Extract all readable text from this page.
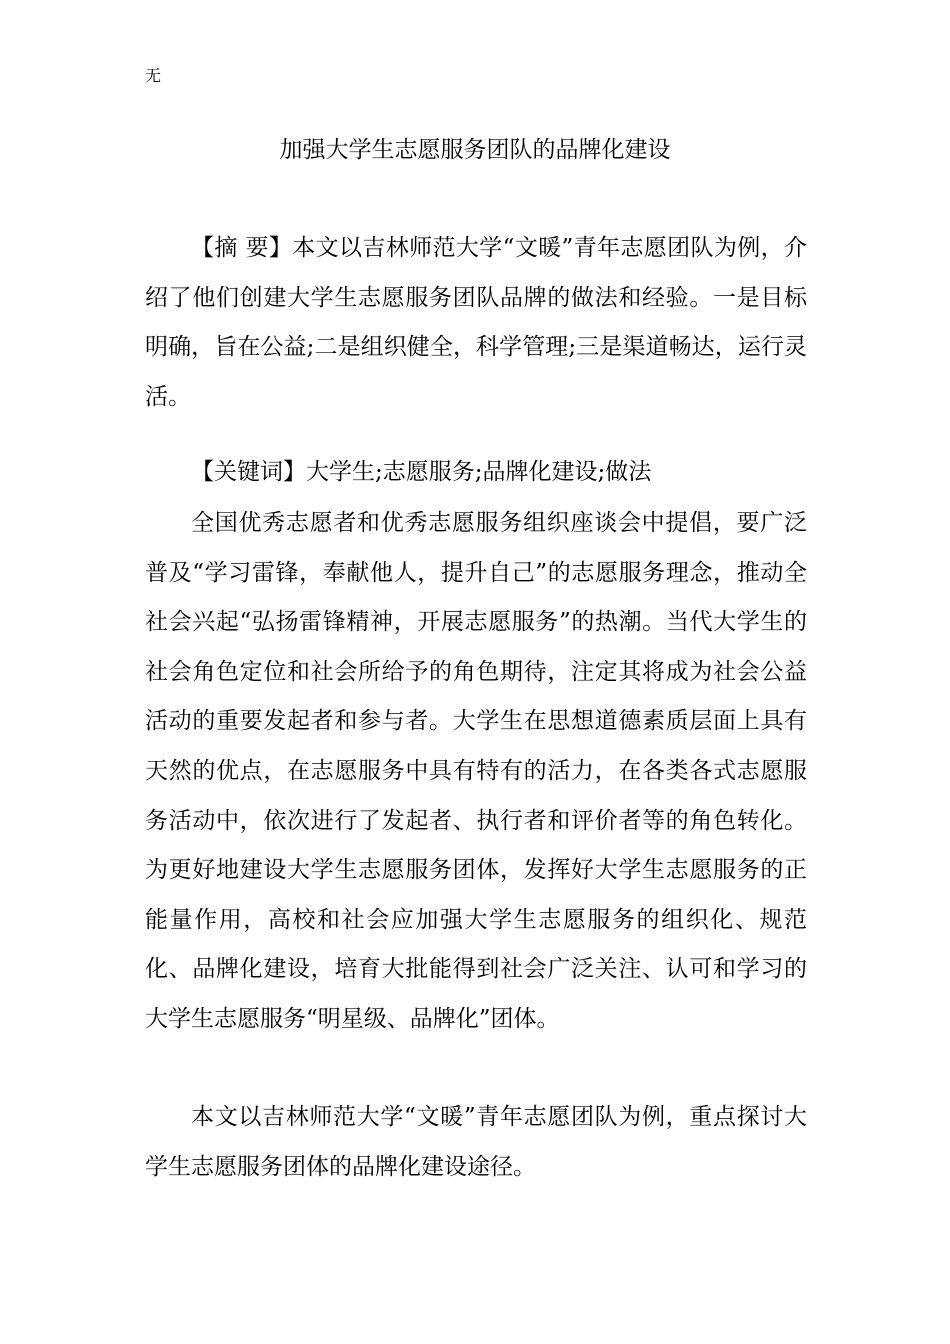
无
加强大学生志愿服务团队的品牌化建设

【摘 要】本文以吉林师范大学“文暖”青年志愿团队为例，介绍了他们创建大学生志愿服务团队品牌的做法和经验。一是目标明确，旨在公益;二是组织健全，科学管理;三是渠道畅达，运行灵活。

【关键词】大学生;志愿服务;品牌化建设;做法

全国优秀志愿者和优秀志愿服务组织座谈会中提倡，要广泛普及“学习雷锋，奉献他人，提升自己”的志愿服务理念，推动全社会兴起“弘扬雷锋精神，开展志愿服务”的热潮。当代大学生的社会角色定位和社会所给予的角色期待，注定其将成为社会公益活动的重要发起者和参与者。大学生在思想道德素质层面上具有天然的优点，在志愿服务中具有特有的活力，在各类各式志愿服务活动中，依次进行了发起者、执行者和评价者等的角色转化。为更好地建设大学生志愿服务团体，发挥好大学生志愿服务的正能量作用，高校和社会应加强大学生志愿服务的组织化、规范化、品牌化建设，培育大批能得到社会广泛关注、认可和学习的大学生志愿服务“明星级、品牌化”团体。

本文以吉林师范大学“文暖”青年志愿团队为例，重点探讨大学生志愿服务团体的品牌化建设途径。
